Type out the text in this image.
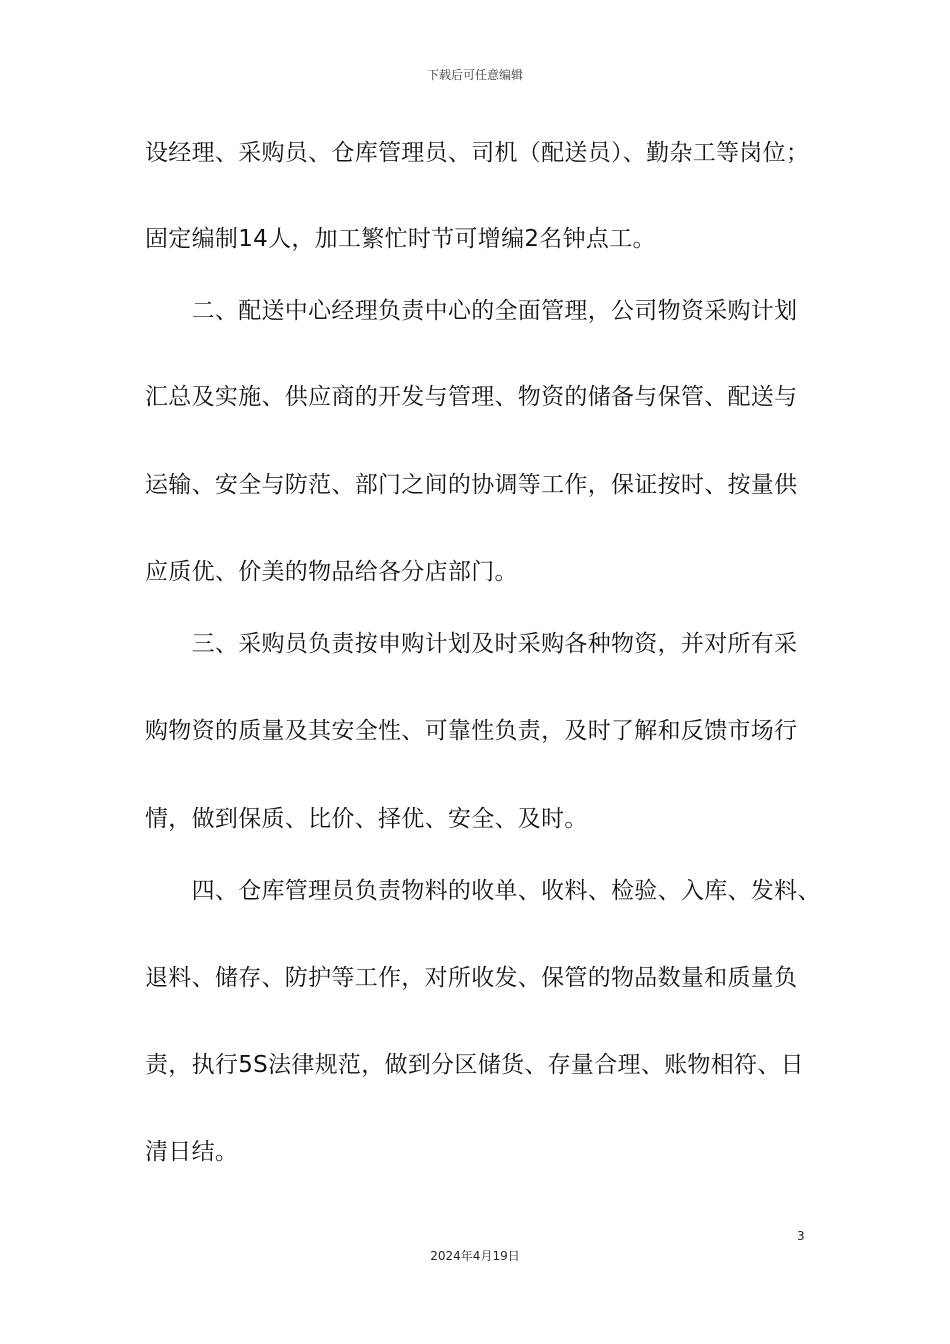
下载后可任意编辑
设经理、采购员、仓库管理员、司机（配送员）、勤杂工等岗位；
固定编制14人，加工繁忙时节可增编2名钟点工。
　　二、配送中心经理负责中心的全面管理，公司物资采购计划
汇总及实施、供应商的开发与管理、物资的储备与保管、配送与
运输、安全与防范、部门之间的协调等工作，保证按时、按量供
应质优、价美的物品给各分店部门。
　　三、采购员负责按申购计划及时采购各种物资，并对所有采
购物资的质量及其安全性、可靠性负责，及时了解和反馈市场行
情，做到保质、比价、择优、安全、及时。
　　四、仓库管理员负责物料的收单、收料、检验、入库、发料、
退料、储存、防护等工作，对所收发、保管的物品数量和质量负
责，执行5S法律规范，做到分区储货、存量合理、账物相符、日
清日结。
3
2024年4月19日
